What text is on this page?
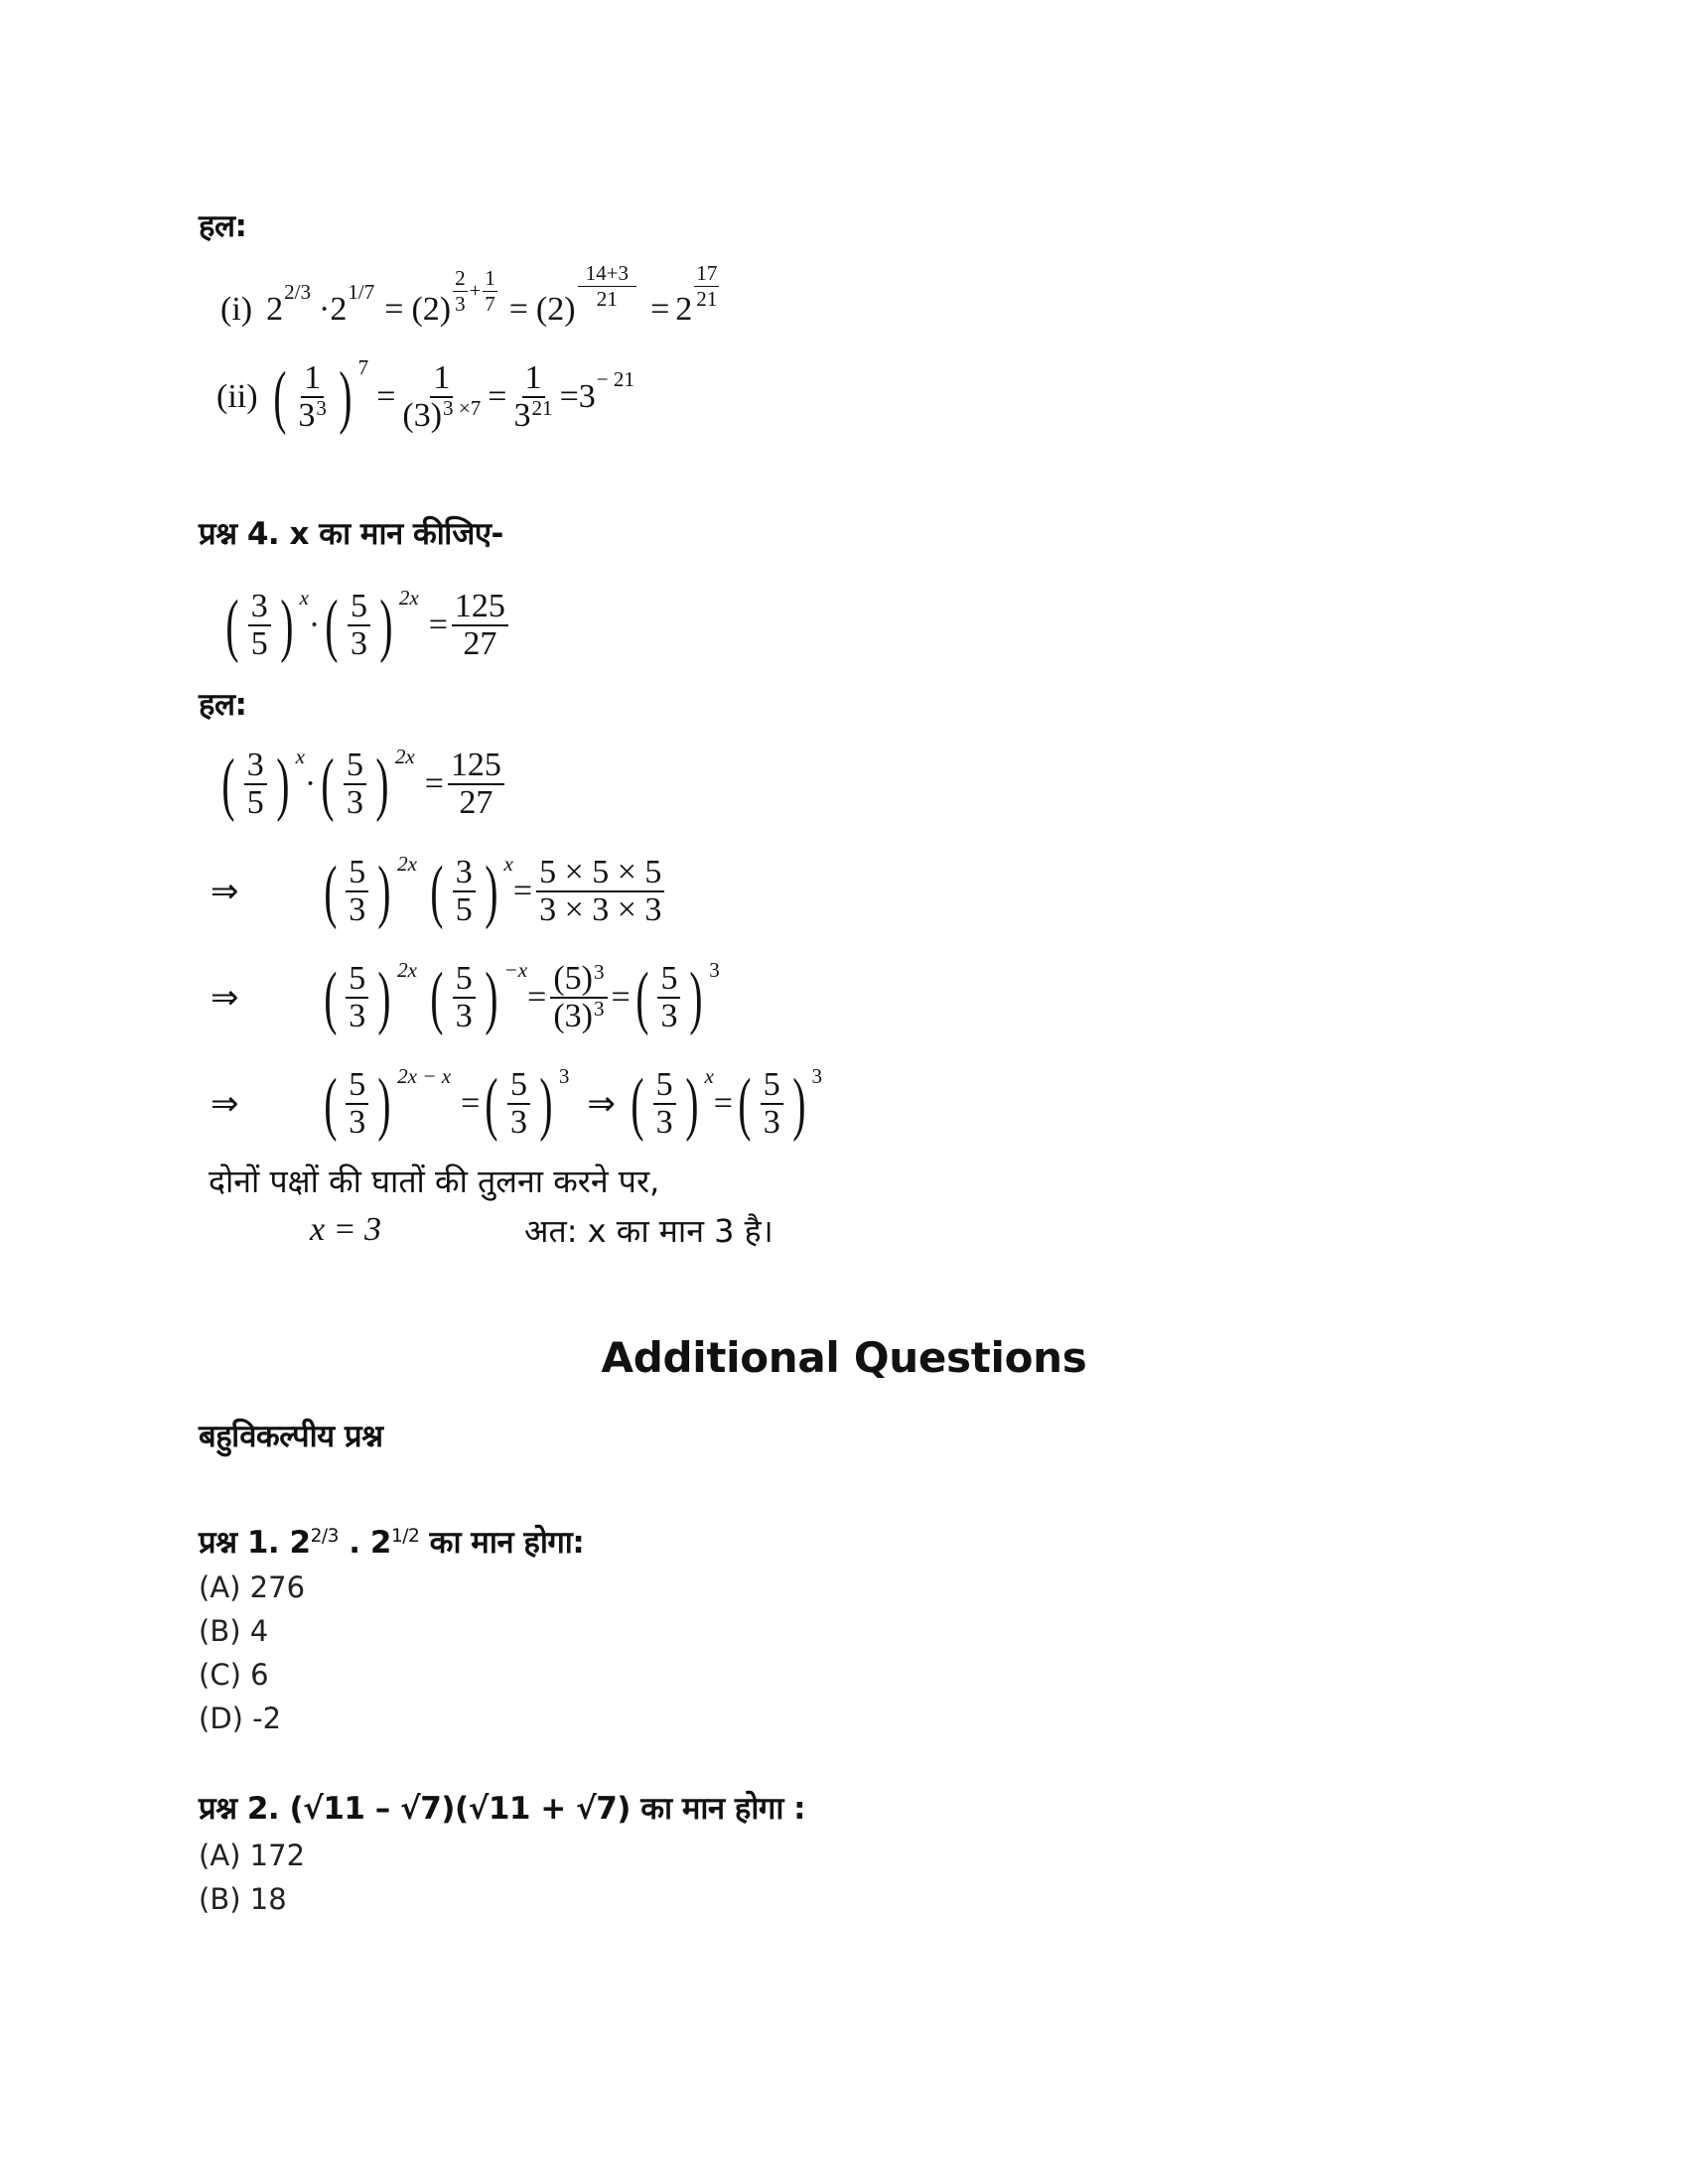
हल:
(i) 2 2/3 · 2 1/7 = (2)
2
3
+ $\frac{1}{7} = (2)$
14+3
21 = 2
17
21
(ii) ( $\frac{1}{3^3}$ ) 7
= $\frac{1}{(3)^{3 \times 7}} = \frac{1}{3^{21}} = 3 - 21$
प्रश्न 4. x का मान कीजिए-
( $\frac{3}{5}$ ) x
· ( $\frac{5}{3}$ ) 2x
= $\frac{125}{27}$
हल:
( $\frac{3}{5}$ ) x
· ( $\frac{5}{3}$ ) 2x
= $\frac{125}{27}$
⇒ ( $\frac{5}{3}$ ) 2x ( $\frac{3}{5}$ ) x
= $\frac{5 \times 5 \times 5}{3 \times 3 \times 3}$
⇒ ( $\frac{5}{3}$ ) 2x ( $\frac{5}{3}$ ) −x
= $\frac{(5)^3}{(3)^3}$ = ( $\frac{5}{3}$ ) 3
⇒ ( $\frac{5}{3}$ ) 2x − x
= ( $\frac{5}{3}$ ) 3
⇒ ( $\frac{5}{3}$ ) x
= ( $\frac{5}{3}$ ) 3
दोनों पक्षों की घातों की तुलना करने पर,
x = 3	अत: x का मान 3 है।
Additional Questions
बहुविकल्पीय प्रश्न
प्रश्न 1. $2^{2/3}$ . $2^{1/2}$ का मान होगा:
(A) 276
(B) 4
(C) 6
(D) -2
प्रश्न 2. (√11 – √7)(√11 + √7) का मान होगा :
(A) 172
(B) 18
